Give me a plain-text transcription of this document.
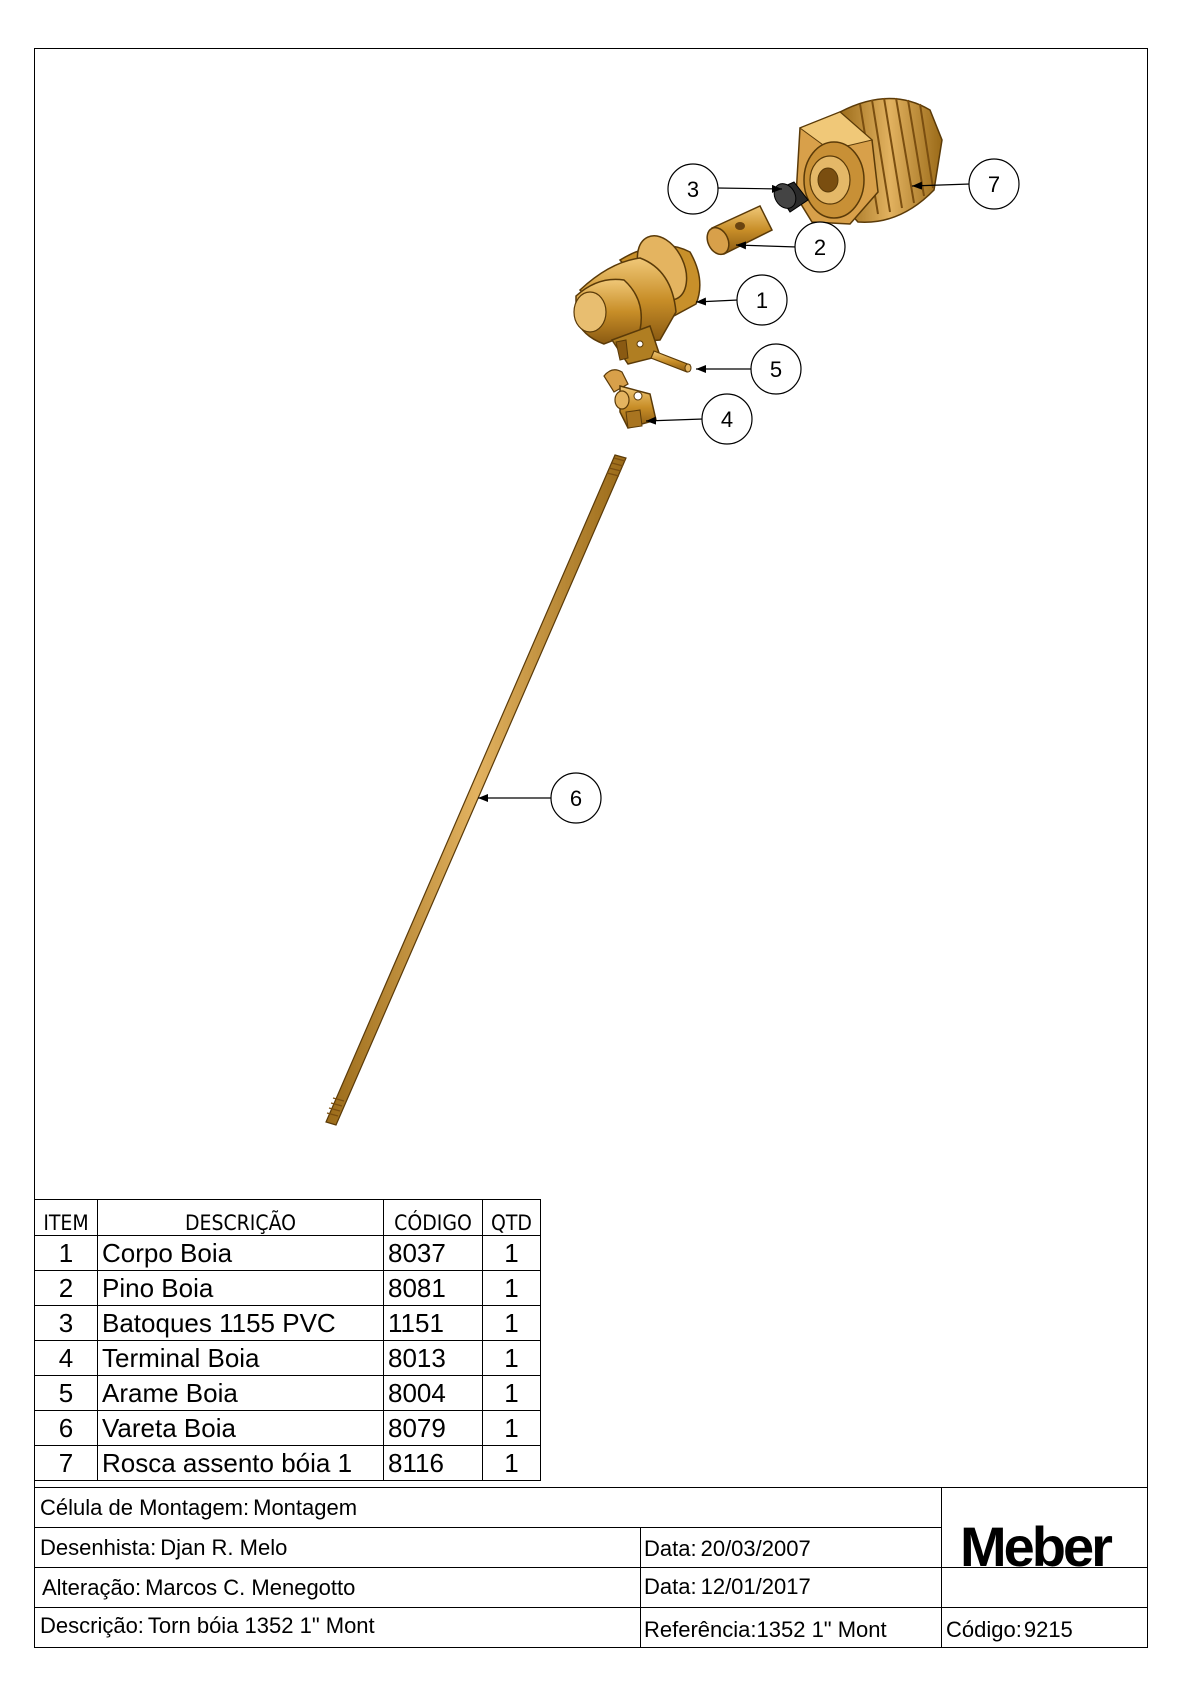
1
2
3
4
5
6
7
ITEM	DESCRIÇÃO	CÓDIGO	QTD
1	Corpo Boia	8037	1
2	Pino Boia	8081	1
3	Batoques 1155 PVC	1151	1
4	Terminal Boia	8013	1
5	Arame Boia	8004	1
6	Vareta Boia	8079	1
7	Rosca assento bóia 1	8116	1
Célula de Montagem: Montagem
Desenhista: Djan R. Melo	Data: 20/03/2007
Alteração: Marcos C. Menegotto	Data: 12/01/2017
Descrição: Torn bóia 1352 1" Mont	Referência:1352 1" Mont	Código:9215
Meber
